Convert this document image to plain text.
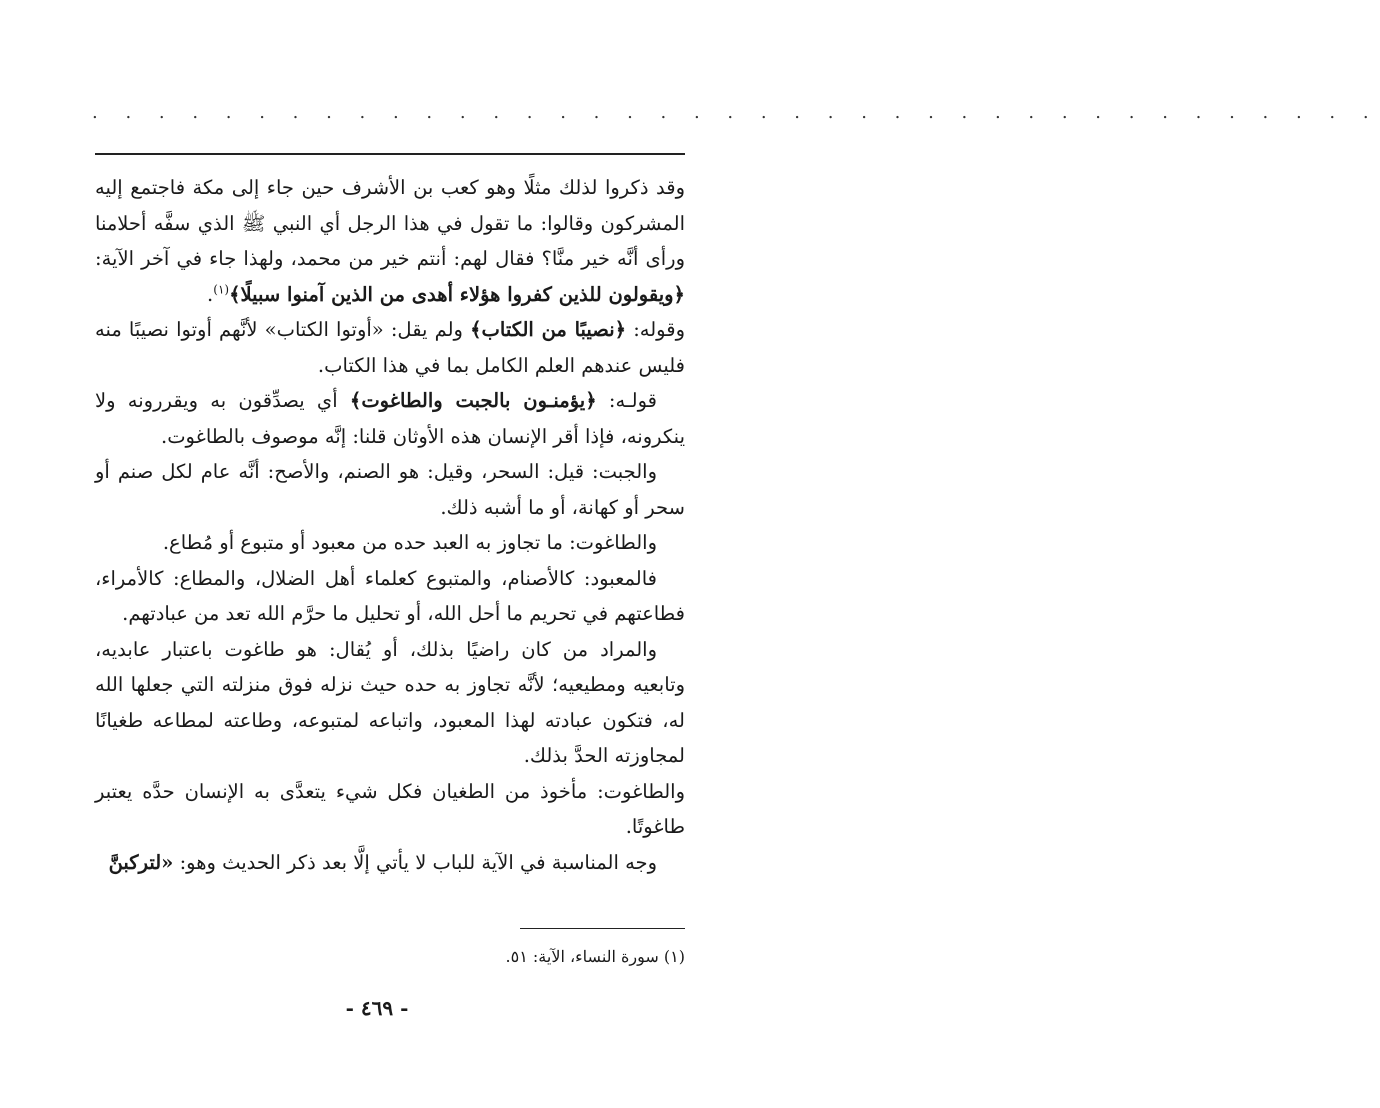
. . . . . . . . . . . . . . . . . . . . . . . . . . . . . . . . . . . . . . .

وقد ذكروا لذلك مثلًا وهو كعب بن الأشرف حين جاء إلى مكة فاجتمع إليه المشركون وقالوا: ما تقول في هذا الرجل أي النبي ﷺ الذي سفَّه أحلامنا ورأى أنَّه خير منَّا؟ فقال لهم: أنتم خير من محمد، ولهذا جاء في آخر الآية: ﴿ويقولون للذين كفروا هؤلاء أهدى من الذين آمنوا سبيلًا﴾$^{(١)}$.

وقوله: ﴿نصيبًا من الكتاب﴾ ولم يقل: «أوتوا الكتاب» لأنَّهم أوتوا نصيبًا منه فليس عندهم العلم الكامل بما في هذا الكتاب.

قولـه: ﴿يؤمنـون بالجبت والطاغوت﴾ أي يصدِّقون به ويقررونه ولا ينكرونه، فإذا أقر الإنسان هذه الأوثان قلنا: إنَّه موصوف بالطاغوت.

والجبت: قيل: السحر، وقيل: هو الصنم، والأصح: أنَّه عام لكل صنم أو سحر أو كهانة، أو ما أشبه ذلك.

والطاغوت: ما تجاوز به العبد حده من معبود أو متبوع أو مُطاع.

فالمعبود: كالأصنام، والمتبوع كعلماء أهل الضلال، والمطاع: كالأمراء، فطاعتهم في تحريم ما أحل الله، أو تحليل ما حرَّم الله تعد من عبادتهم.

والمراد من كان راضيًا بذلك، أو يُقال: هو طاغوت باعتبار عابديه، وتابعيه ومطيعيه؛ لأنَّه تجاوز به حده حيث نزله فوق منزلته التي جعلها الله له، فتكون عبادته لهذا المعبود، واتباعه لمتبوعه، وطاعته لمطاعه طغيانًا لمجاوزته الحدَّ بذلك.

والطاغوت: مأخوذ من الطغيان فكل شيء يتعدَّى به الإنسان حدَّه يعتبر طاغوتًا.

وجه المناسبة في الآية للباب لا يأتي إلَّا بعد ذكر الحديث وهو: «لتركبنَّ

(١) سورة النساء، الآية: ٥١.
- ٤٦٩ -
